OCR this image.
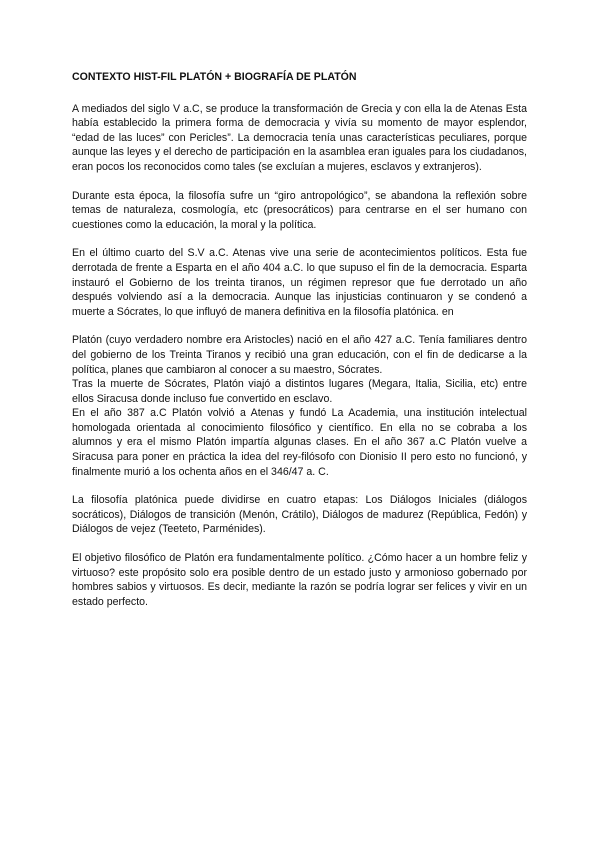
CONTEXTO HIST-FIL PLATÓN + BIOGRAFÍA DE PLATÓN

A mediados del siglo V a.C, se produce la transformación de Grecia y con ella la de Atenas Esta había establecido la primera forma de democracia y vivía su momento de mayor esplendor, “edad de las luces” con Pericles”. La democracia tenía unas características peculiares, porque aunque las leyes y el derecho de participación en la asamblea eran iguales para los ciudadanos, eran pocos los reconocidos como tales (se excluían a mujeres, esclavos y extranjeros).

Durante esta época, la filosofía sufre un “giro antropológico”, se abandona la reflexión sobre temas de naturaleza, cosmología, etc (presocráticos) para centrarse en el ser humano con cuestiones como la educación, la moral y la política.

En el último cuarto del S.V a.C. Atenas vive una serie de acontecimientos políticos. Esta fue derrotada de frente a Esparta en el año 404 a.C. lo que supuso el fin de la democracia. Esparta instauró el Gobierno de los treinta tiranos, un régimen represor que fue derrotado un año después volviendo así a la democracia. Aunque las injusticias continuaron y se condenó a muerte a Sócrates, lo que influyó de manera definitiva en la filosofía platónica. en

Platón (cuyo verdadero nombre era Aristocles) nació en el año 427 a.C. Tenía familiares dentro del gobierno de los Treinta Tiranos y recibió una gran educación, con el fin de dedicarse a la política, planes que cambiaron al conocer a su maestro, Sócrates.

Tras la muerte de Sócrates, Platón viajó a distintos lugares (Megara, Italia, Sicilia, etc) entre ellos Siracusa donde incluso fue convertido en esclavo.

En el año 387 a.C Platón volvió a Atenas y fundó La Academia, una institución intelectual homologada orientada al conocimiento filosófico y científico. En ella no se cobraba a los alumnos y era el mismo Platón impartía algunas clases. En el año 367 a.C Platón vuelve a Siracusa para poner en práctica la idea del rey-filósofo con Dionisio II pero esto no funcionó, y finalmente murió a los ochenta años en el 346/47 a. C.

La filosofía platónica puede dividirse en cuatro etapas: Los Diálogos Iniciales (diálogos socráticos), Diálogos de transición (Menón, Crátilo), Diálogos de madurez (República, Fedón) y Diálogos de vejez (Teeteto, Parménides).

El objetivo filosófico de Platón era fundamentalmente político. ¿Cómo hacer a un hombre feliz y virtuoso? este propósito solo era posible dentro de un estado justo y armonioso gobernado por hombres sabios y virtuosos. Es decir, mediante la razón se podría lograr ser felices y vivir en un estado perfecto.
